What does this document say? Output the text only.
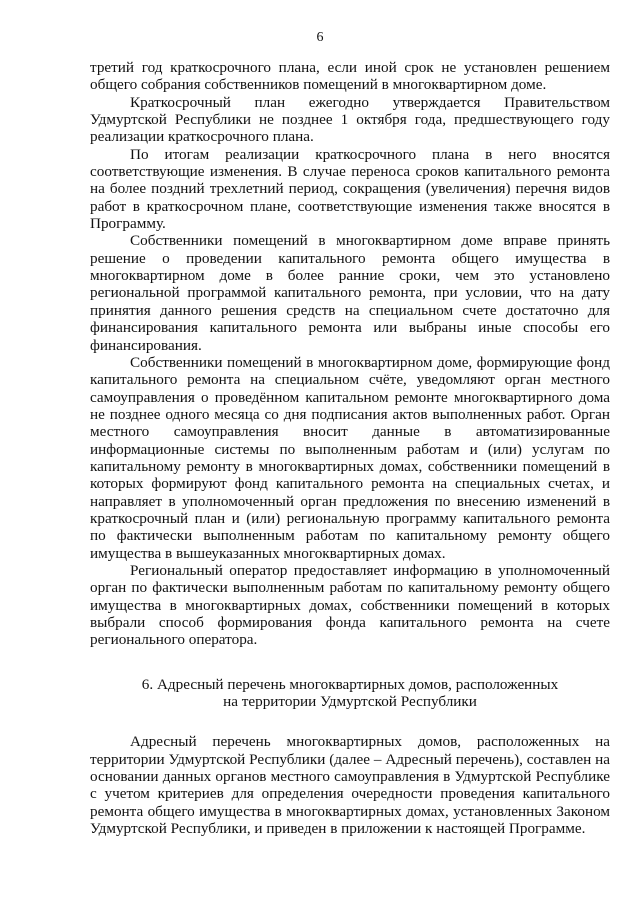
6

третий год краткосрочного плана, если иной срок не установлен решением общего собрания собственников помещений в многоквартирном доме.

Краткосрочный план ежегодно утверждается Правительством Удмуртской Республики не позднее 1 октября года, предшествующего году реализации краткосрочного плана.

По итогам реализации краткосрочного плана в него вносятся соответствующие изменения. В случае переноса сроков капитального ремонта на более поздний трехлетний период, сокращения (увеличения) перечня видов работ в краткосрочном плане, соответствующие изменения также вносятся в Программу.

Собственники помещений в многоквартирном доме вправе принять решение о проведении капитального ремонта общего имущества в многоквартирном доме в более ранние сроки, чем это установлено региональной программой капитального ремонта, при условии, что на дату принятия данного решения средств на специальном счете достаточно для финансирования капитального ремонта или выбраны иные способы его финансирования.

Собственники помещений в многоквартирном доме, формирующие фонд капитального ремонта на специальном счёте, уведомляют орган местного самоуправления о проведённом капитальном ремонте многоквартирного дома не позднее одного месяца со дня подписания актов выполненных работ. Орган местного самоуправления вносит данные в автоматизированные информационные системы по выполненным работам и (или) услугам по капитальному ремонту в многоквартирных домах, собственники помещений в которых формируют фонд капитального ремонта на специальных счетах, и направляет в уполномоченный орган предложения по внесению изменений в краткосрочный план и (или) региональную программу капитального ремонта по фактически выполненным работам по капитальному ремонту общего имущества в вышеуказанных многоквартирных домах.

Региональный оператор предоставляет информацию в уполномоченный орган по фактически выполненным работам по капитальному ремонту общего имущества в многоквартирных домах, собственники помещений в которых выбрали способ формирования фонда капитального ремонта на счете регионального оператора.

6. Адресный перечень многоквартирных домов, расположенных
на территории Удмуртской Республики

Адресный перечень многоквартирных домов, расположенных на территории Удмуртской Республики (далее – Адресный перечень), составлен на основании данных органов местного самоуправления в Удмуртской Республике с учетом критериев для определения очередности проведения капитального ремонта общего имущества в многоквартирных домах, установленных Законом Удмуртской Республики, и приведен в приложении к настоящей Программе.
